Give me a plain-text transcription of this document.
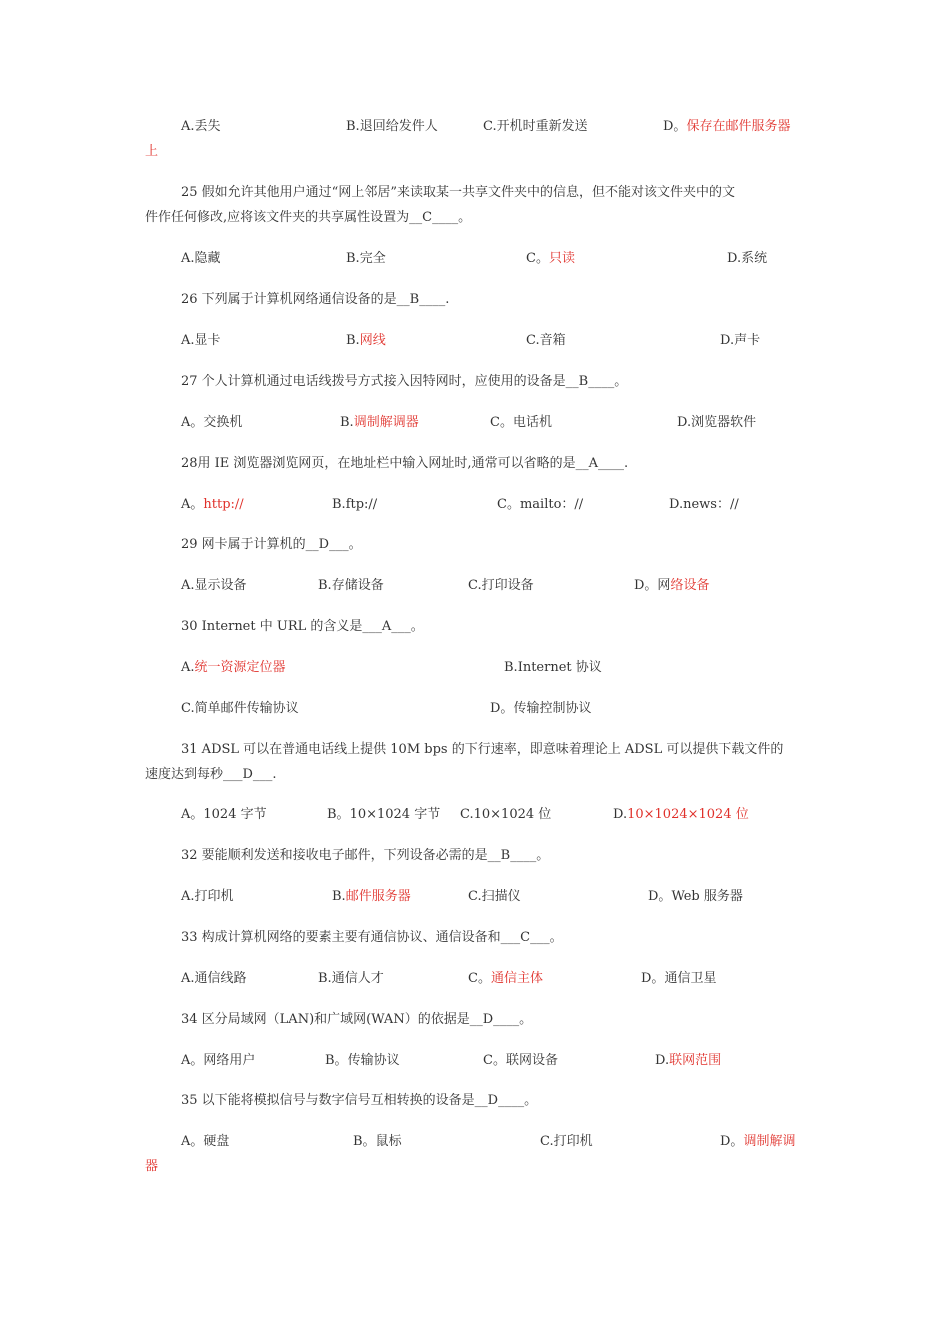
A.丢失	B.退回给发件人	C.开机时重新发送	D。保存在邮件服务器
上
25 假如允许其他用户通过“网上邻居”来读取某一共享文件夹中的信息，但不能对该文件夹中的文
件作任何修改,应将该文件夹的共享属性设置为__C____。
A.隐藏	B.完全	C。只读	D.系统
26 下列属于计算机网络通信设备的是__B____.
A.显卡	B.网线	C.音箱	D.声卡
27 个人计算机通过电话线拨号方式接入因特网时，应使用的设备是__B____。
A。交换机	B.调制解调器	C。电话机	D.浏览器软件
28用 IE 浏览器浏览网页，在地址栏中输入网址时,通常可以省略的是__A____.
A。http://	B.ftp://	C。mailto：//	D.news：//
29 网卡属于计算机的__D___。
A.显示设备	B.存储设备	C.打印设备	D。网络设备
30 Internet 中 URL 的含义是___A___。
A.统一资源定位器	B.Internet 协议
C.简单邮件传输协议	D。传输控制协议
31 ADSL 可以在普通电话线上提供 10M bps 的下行速率，即意味着理论上 ADSL 可以提供下载文件的
速度达到每秒___D___.
A。1024 字节	B。10×1024 字节 C.10×1024 位	D.10×1024×1024 位
32 要能顺利发送和接收电子邮件，下列设备必需的是__B____。
A.打印机	B.邮件服务器	C.扫描仪	D。Web 服务器
33 构成计算机网络的要素主要有通信协议、通信设备和___C___。
A.通信线路	B.通信人才	C。通信主体	D。通信卫星
34 区分局域网（LAN)和广域网(WAN）的依据是__D____。
A。网络用户	B。传输协议	C。联网设备	D.联网范围
35 以下能将模拟信号与数字信号互相转换的设备是__D____。
A。硬盘	B。鼠标	C.打印机	D。调制解调
器
